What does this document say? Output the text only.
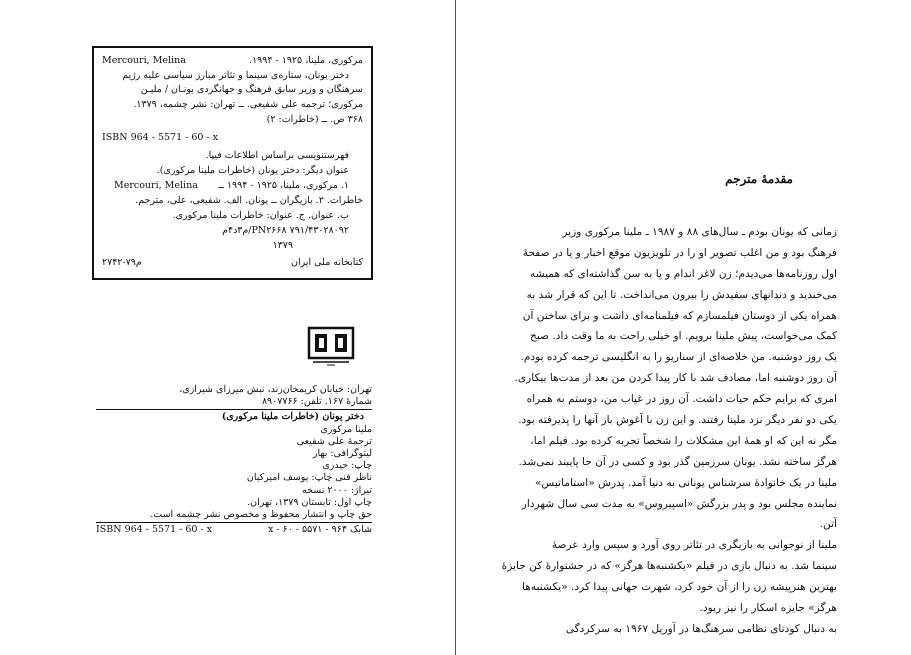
مرکوری، ملینا، ۱۹۲۵ - ۱۹۹۴.
Mercouri, Melina
دختر یونان، ستاره‌ی سینما و تئاتر مبارز سیاسی علیه رژیم
سرهنگان و وزیر سابق فرهنگ و جهانگردی یونـان / ملیـن
مرکوری؛ ترجمه علی شفیعی. ــ تهران: نشر چشمه، ۱۳۷۹.
۳۶۸ ص. ــ (خاطرات: ۲)
ISBN 964 - 5571 - 60 - x
فهرستنویسی براساس اطلاعات فیپا.
عنوان دیگر: دختر یونان (خاطرات ملینا مرکوری).
۱. مرکوری، ملینا، ۱۹۲۵ - ۱۹۹۴ ــ
Mercouri, Melina
خاطرات. ۲. بازیگران ــ یونان. الف. شفیعی، علی، مترجم.
ب. عنوان. ج. عنوان: خاطرات ملینا مرکوری.
۷۹۱/۴۳۰۲۸۰۹۲ PN۲۶۶۸/م۳د۴م
۱۳۷۹
کتابخانه ملی ایران
م۷۹-۲۷۴۲
تهران: خیابان کریمخان‌زند، نبش میرزای شیرازی،
شمارهٔ ۱۶۷. تلفن: ۸۹۰۷۷۶۶
دختر یونان (خاطرات ملینا مرکوری)
ملینا مرکوری
ترجمهٔ علی شفیعی
لیتوگرافی: بهار
چاپ: حیدری
ناظر فنی چاپ: یوسف امیرکیان
تیراژ: ۲۰۰۰ نسخه
چاپ اول: تابستان ۱۳۷۹، تهران.
حق چاپ و انتشار محفوظ و مخصوص نشر چشمه است.
ISBN 964 - 5571 - 60 - x	شابک x - ۶۰ - ۵۵۷۱ - ۹۶۴
مقدمهٔ مترجم
زمانی که یونان بودم ـ سال‌های ۸۸ و ۱۹۸۷ ـ ملینا مرکوری وزیر
فرهنگ بود و من اغلب تصویر او را در تلویزیون موقع اخبار و یا در صفحهٔ
اول روزنامه‌ها می‌دیدم؛ زن لاغر اندام و پا به سن گذاشته‌ای که همیشه
می‌خندید و دندانهای سفیدش را بیرون می‌انداخت. تا این که قرار شد به
همراه یکی از دوستان فیلمسازم که فیلمنامه‌ای داشت و برای ساختن آن
کمک می‌خواست، پیش ملینا برویم. او خیلی راحت به ما وقت داد. صبح
یک روز دوشنبه. من خلاصه‌ای از سناریو را به انگلیسی ترجمه کرده بودم.
آن روز دوشنبه اما، مصادف شد با کار پیدا کردن من بعد از مدت‌ها بیکاری.
امری که برایم حکم حیات داشت. آن روز در غیاب من، دوستم به همراه
یکی دو نفر دیگر نزد ملینا رفتند. و این زن با آغوش باز آنها را پذیرفته بود.
مگر نه این که او همهٔ این مشکلات را شخصاً تجربه کرده بود. فیلم اما،
هرگز ساخته نشد. یونان سرزمین گذر بود و کسی در آن جا پایبند نمی‌شد.
ملینا در یک خانوادهٔ سرشناس یونانی به دنیا آمد. پدرش «استاماتیس»
نماینده مجلس بود و پدر بزرگش «اسپیروس» به مدت سی سال شهردار
آتن.
ملینا از نوجوانی به بازیگری در تئاتر روی آورد و سپس وارد عرصهٔ
سینما شد. به دنبال بازی در فیلم «یکشنبه‌ها هرگز» که در جشنوارهٔ کن جایزهٔ
بهترین هنرپیشه زن را از آن خود کرد، شهرت جهانی پیدا کرد. «یکشنبه‌ها
هرگز» جایزه اسکار را نیز ربود.
به دنبال کودتای نظامی سرهنگ‌ها در آوریل ۱۹۶۷ به سرکردگی
